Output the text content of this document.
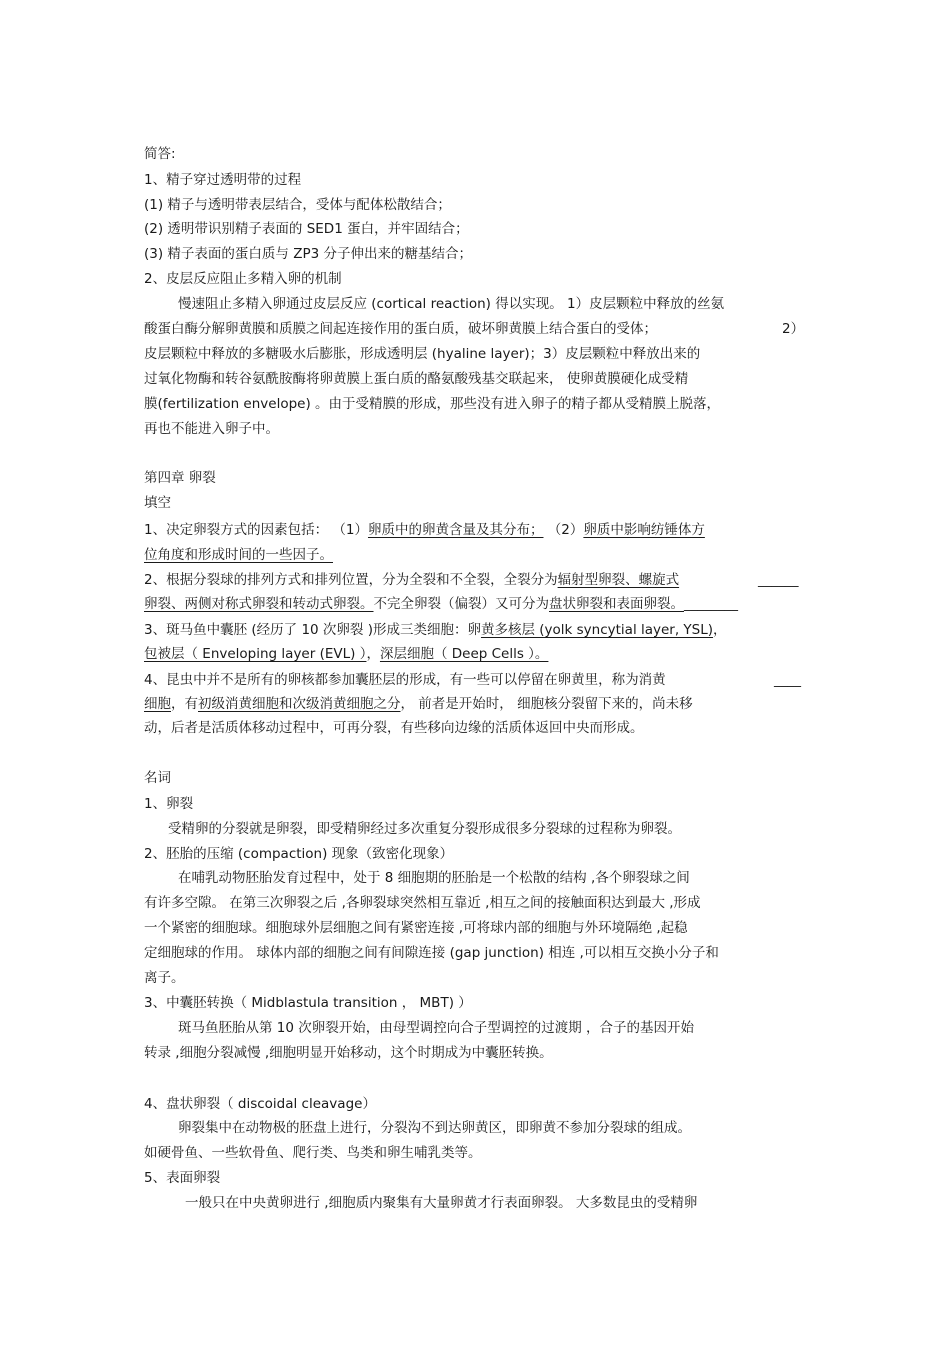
简答:
1、精子穿过透明带的过程
(1) 精子与透明带表层结合，受体与配体松散结合；
(2) 透明带识别精子表面的 SED1 蛋白，并牢固结合；
(3) 精子表面的蛋白质与 ZP3 分子伸出来的糖基结合；
2、皮层反应阻止多精入卵的机制
慢速阻止多精入卵通过皮层反应 (cortical reaction) 得以实现。 1）皮层颗粒中释放的丝氨
酸蛋白酶分解卵黄膜和质膜之间起连接作用的蛋白质，破坏卵黄膜上结合蛋白的受体；	2）
皮层颗粒中释放的多糖吸水后膨胀，形成透明层 (hyaline layer)；3）皮层颗粒中释放出来的
过氧化物酶和转谷氨酰胺酶将卵黄膜上蛋白质的酪氨酸残基交联起来， 使卵黄膜硬化成受精
膜(fertilization envelope) 。由于受精膜的形成，那些没有进入卵子的精子都从受精膜上脱落，
再也不能进入卵子中。
第四章 卵裂
填空
1、决定卵裂方式的因素包括： （1）卵质中的卵黄含量及其分布； （2）卵质中影响纺锤体方
位角度和形成时间的一些因子。
2、根据分裂球的排列方式和排列位置，分为全裂和不全裂，全裂分为辐射型卵裂、螺旋式	______
卵裂、两侧对称式卵裂和转动式卵裂。不完全卵裂（偏裂）又可分为盘状卵裂和表面卵裂。________
3、斑马鱼中囊胚 (经历了 10 次卵裂 )形成三类细胞：卵黄多核层 (yolk syncytial layer, YSL)，
包被层（ Enveloping layer (EVL) ），深层细胞（ Deep Cells ）。
4、昆虫中并不是所有的卵核都参加囊胚层的形成，有一些可以停留在卵黄里，称为消黄	____
细胞，有初级消黄细胞和次级消黄细胞之分， 前者是开始时， 细胞核分裂留下来的，尚未移
动，后者是活质体移动过程中，可再分裂，有些移向边缘的活质体返回中央而形成。
名词
1、卵裂
受精卵的分裂就是卵裂，即受精卵经过多次重复分裂形成很多分裂球的过程称为卵裂。
2、胚胎的压缩 (compaction) 现象（致密化现象）
在哺乳动物胚胎发育过程中，处于 8 细胞期的胚胎是一个松散的结构 ,各个卵裂球之间
有许多空隙。 在第三次卵裂之后 ,各卵裂球突然相互靠近 ,相互之间的接触面积达到最大 ,形成
一个紧密的细胞球。细胞球外层细胞之间有紧密连接 ,可将球内部的细胞与外环境隔绝 ,起稳
定细胞球的作用。 球体内部的细胞之间有间隙连接 (gap junction) 相连 ,可以相互交换小分子和
离子。
3、中囊胚转换（ Midblastula transition ， MBT) ）
斑马鱼胚胎从第 10 次卵裂开始，由母型调控向合子型调控的过渡期 ，合子的基因开始
转录 ,细胞分裂减慢 ,细胞明显开始移动，这个时期成为中囊胚转换。
4、盘状卵裂（ discoidal cleavage）
卵裂集中在动物极的胚盘上进行，分裂沟不到达卵黄区，即卵黄不参加分裂球的组成。
如硬骨鱼、一些软骨鱼、爬行类、鸟类和卵生哺乳类等。
5、表面卵裂
一般只在中央黄卵进行 ,细胞质内聚集有大量卵黄才行表面卵裂。 大多数昆虫的受精卵
